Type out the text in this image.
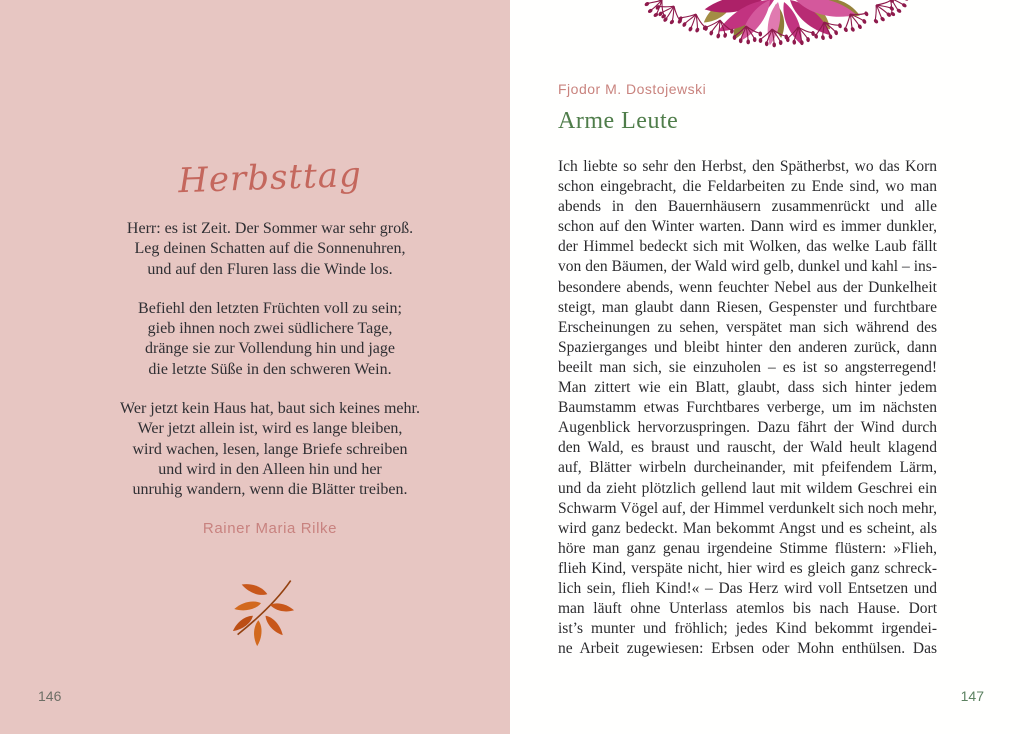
Herbsttag
Herr: es ist Zeit. Der Sommer war sehr groß.
Leg deinen Schatten auf die Sonnenuhren,
und auf den Fluren lass die Winde los.
Befiehl den letzten Früchten voll zu sein;
gieb ihnen noch zwei südlichere Tage,
dränge sie zur Vollendung hin und jage
die letzte Süße in den schweren Wein.
Wer jetzt kein Haus hat, baut sich keines mehr.
Wer jetzt allein ist, wird es lange bleiben,
wird wachen, lesen, lange Briefe schreiben
und wird in den Alleen hin und her
unruhig wandern, wenn die Blätter treiben.
Rainer Maria Rilke
146
Fjodor M. Dostojewski
Arme Leute
Ich liebte so sehr den Herbst, den Spätherbst, wo das Korn
schon eingebracht, die Feldarbeiten zu Ende sind, wo man
abends in den Bauernhäusern zusammenrückt und alle
schon auf den Winter warten. Dann wird es immer dunkler,
der Himmel bedeckt sich mit Wolken, das welke Laub fällt
von den Bäumen, der Wald wird gelb, dunkel und kahl – ins-
besondere abends, wenn feuchter Nebel aus der Dunkelheit
steigt, man glaubt dann Riesen, Gespenster und furchtbare
Erscheinungen zu sehen, verspätet man sich während des
Spazierganges und bleibt hinter den anderen zurück, dann
beeilt man sich, sie einzuholen – es ist so angsterregend!
Man zittert wie ein Blatt, glaubt, dass sich hinter jedem
Baumstamm etwas Furchtbares verberge, um im nächsten
Augenblick hervorzuspringen. Dazu fährt der Wind durch
den Wald, es braust und rauscht, der Wald heult klagend
auf, Blätter wirbeln durcheinander, mit pfeifendem Lärm,
und da zieht plötzlich gellend laut mit wildem Geschrei ein
Schwarm Vögel auf, der Himmel verdunkelt sich noch mehr,
wird ganz bedeckt. Man bekommt Angst und es scheint, als
höre man ganz genau irgendeine Stimme flüstern: »Flieh,
flieh Kind, verspäte nicht, hier wird es gleich ganz schreck-
lich sein, flieh Kind!« – Das Herz wird voll Entsetzen und
man läuft ohne Unterlass atemlos bis nach Hause. Dort
ist’s munter und fröhlich; jedes Kind bekommt irgendei-
ne Arbeit zugewiesen: Erbsen oder Mohn enthülsen. Das
147
